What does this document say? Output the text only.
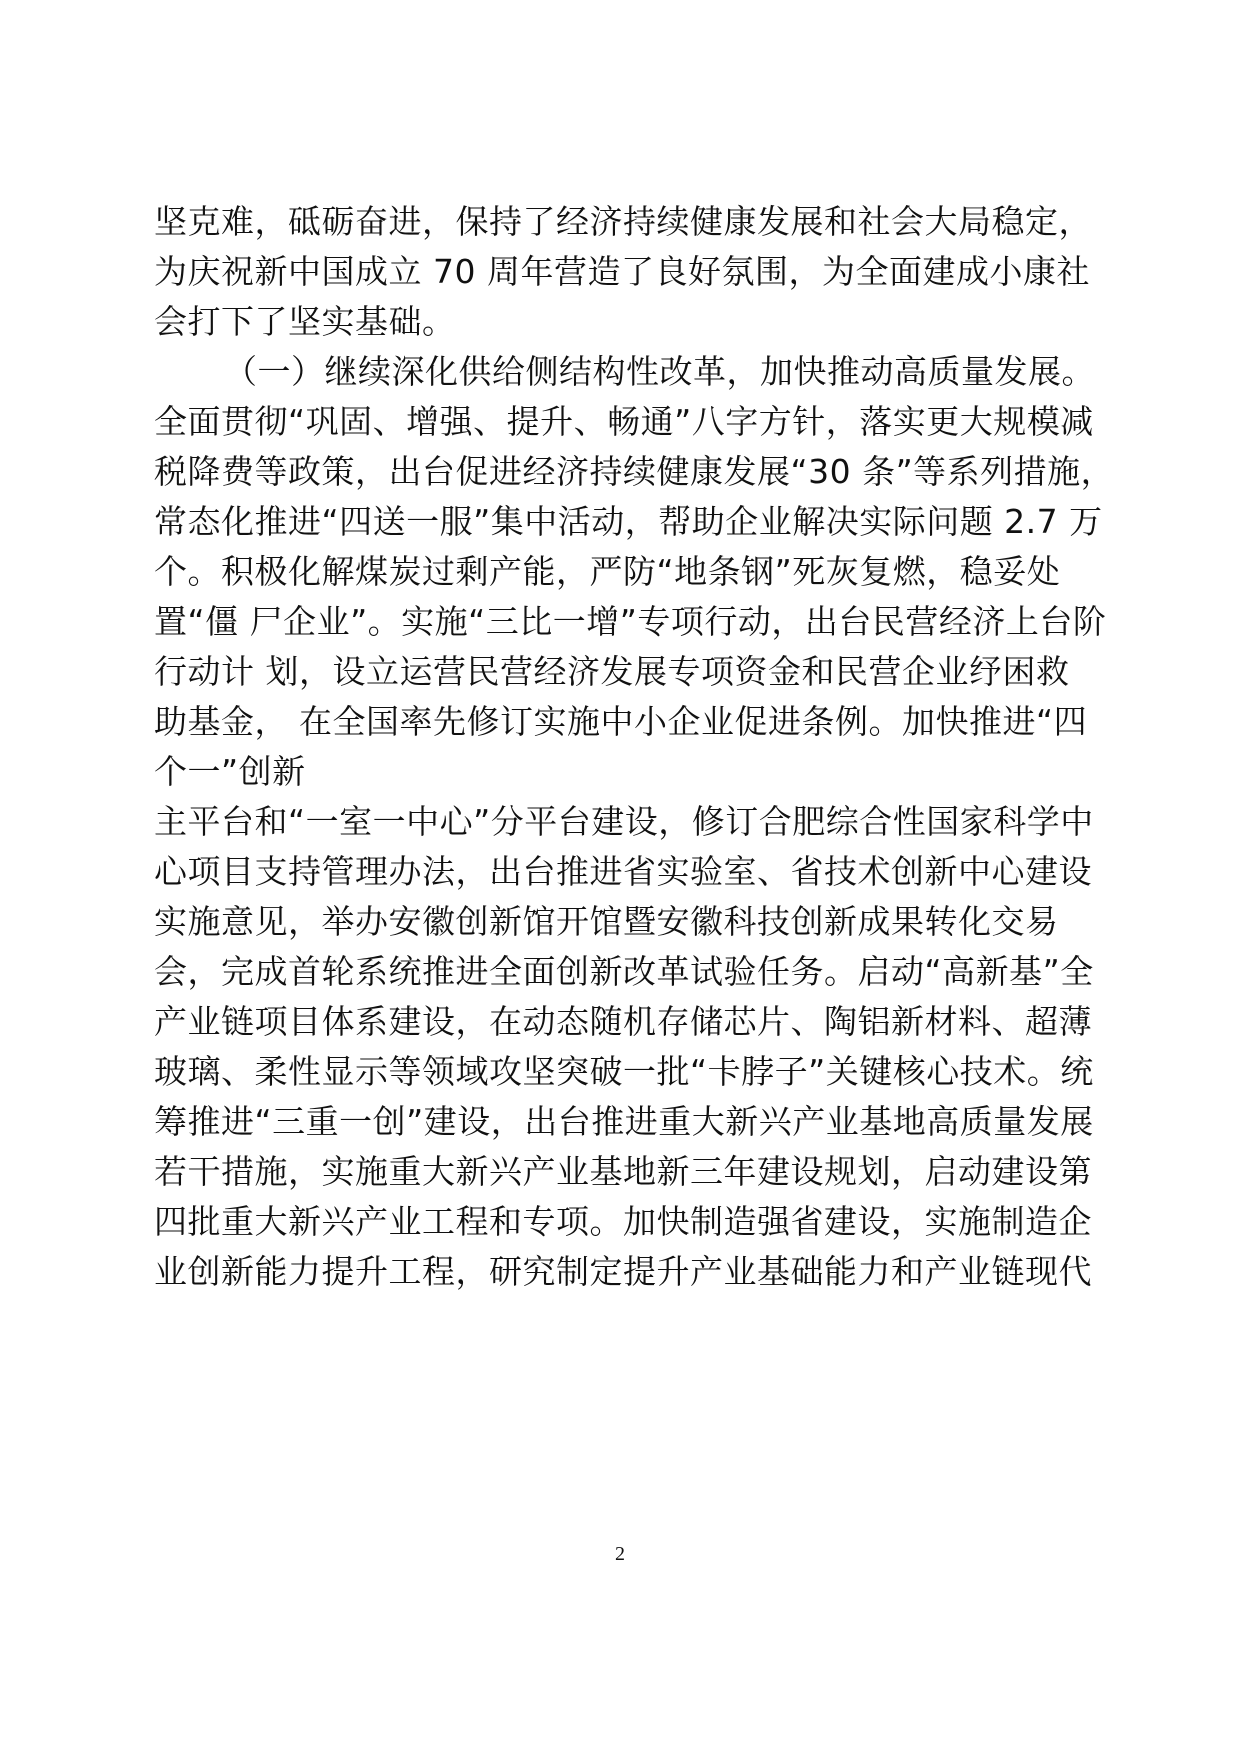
坚克难，砥砺奋进，保持了经济持续健康发展和社会大局稳定，
为庆祝新中国成立 70 周年营造了良好氛围，为全面建成小康社
会打下了坚实基础。
（一）继续深化供给侧结构性改革，加快推动高质量发展。
全面贯彻“巩固、增强、提升、畅通”八字方针，落实更大规模减
税降费等政策，出台促进经济持续健康发展“30 条”等系列措施，
常态化推进“四送一服”集中活动，帮助企业解决实际问题 2.7 万
个。积极化解煤炭过剩产能，严防“地条钢”死灰复燃，稳妥处
置“僵 尸企业”。实施“三比一增”专项行动，出台民营经济上台阶
行动计 划，设立运营民营经济发展专项资金和民营企业纾困救
助基金， 在全国率先修订实施中小企业促进条例。加快推进“四
个一”创新
主平台和“一室一中心”分平台建设，修订合肥综合性国家科学中
心项目支持管理办法，出台推进省实验室、省技术创新中心建设
实施意见，举办安徽创新馆开馆暨安徽科技创新成果转化交易
会，完成首轮系统推进全面创新改革试验任务。启动“高新基”全
产业链项目体系建设，在动态随机存储芯片、陶铝新材料、超薄
玻璃、柔性显示等领域攻坚突破一批“卡脖子”关键核心技术。统
筹推进“三重一创”建设，出台推进重大新兴产业基地高质量发展
若干措施，实施重大新兴产业基地新三年建设规划，启动建设第
四批重大新兴产业工程和专项。加快制造强省建设，实施制造企
业创新能力提升工程，研究制定提升产业基础能力和产业链现代
2
